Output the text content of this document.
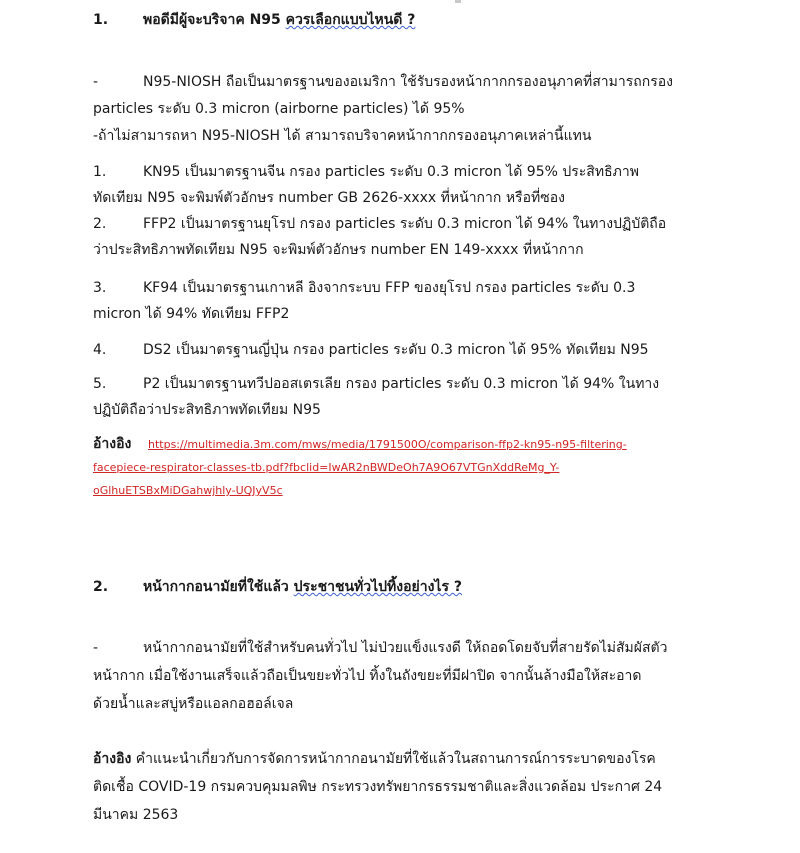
1. พอดีมีผู้จะบริจาค N95 ควรเลือกแบบไหนดี ?
-	N95-NIOSH ถือเป็นมาตรฐานของอเมริกา ใช้รับรองหน้ากากกรองอนุภาคที่สามารถกรอง
particles ระดับ 0.3 micron (airborne particles) ได้ 95%
-ถ้าไม่สามารถหา N95-NIOSH ได้ สามารถบริจาคหน้ากากกรองอนุภาคเหล่านี้แทน
1.	KN95 เป็นมาตรฐานจีน กรอง particles ระดับ 0.3 micron ได้ 95% ประสิทธิภาพ
ทัดเทียม N95 จะพิมพ์ตัวอักษร number GB 2626-xxxx ที่หน้ากาก หรือที่ซอง
2.	FFP2 เป็นมาตรฐานยุโรป กรอง particles ระดับ 0.3 micron ได้ 94% ในทางปฏิบัติถือ
ว่าประสิทธิภาพทัดเทียม N95 จะพิมพ์ตัวอักษร number EN 149-xxxx ที่หน้ากาก
3.	KF94 เป็นมาตรฐานเกาหลี อิงจากระบบ FFP ของยุโรป กรอง particles ระดับ 0.3
micron ได้ 94% ทัดเทียม FFP2
4.	DS2 เป็นมาตรฐานญี่ปุ่น กรอง particles ระดับ 0.3 micron ได้ 95% ทัดเทียม N95
5.	P2 เป็นมาตรฐานทวีปออสเตรเลีย กรอง particles ระดับ 0.3 micron ได้ 94% ในทาง
ปฏิบัติถือว่าประสิทธิภาพทัดเทียม N95
อ้างอิง https://multimedia.3m.com/mws/media/1791500O/comparison-ffp2-kn95-n95-filtering-
facepiece-respirator-classes-tb.pdf?fbclid=IwAR2nBWDeOh7A9O67VTGnXddReMg_Y-
oGlhuETSBxMiDGahwjhly-UQJyV5c
2. หน้ากากอนามัยที่ใช้แล้ว ประชาชนทั่วไปทิ้งอย่างไร ?
-	หน้ากากอนามัยที่ใช้สำหรับคนทั่วไป ไม่ป่วยแข็งแรงดี ให้ถอดโดยจับที่สายรัดไม่สัมผัสตัว
หน้ากาก เมื่อใช้งานเสร็จแล้วถือเป็นขยะทั่วไป ทิ้งในถังขยะที่มีฝาปิด จากนั้นล้างมือให้สะอาด
ด้วยน้ำและสบู่หรือแอลกอฮอล์เจล
อ้างอิง คำแนะนำเกี่ยวกับการจัดการหน้ากากอนามัยที่ใช้แล้วในสถานการณ์การระบาดของโรค
ติดเชื้อ COVID-19 กรมควบคุมมลพิษ กระทรวงทรัพยากรธรรมชาติและสิ่งแวดล้อม ประกาศ 24
มีนาคม 2563
